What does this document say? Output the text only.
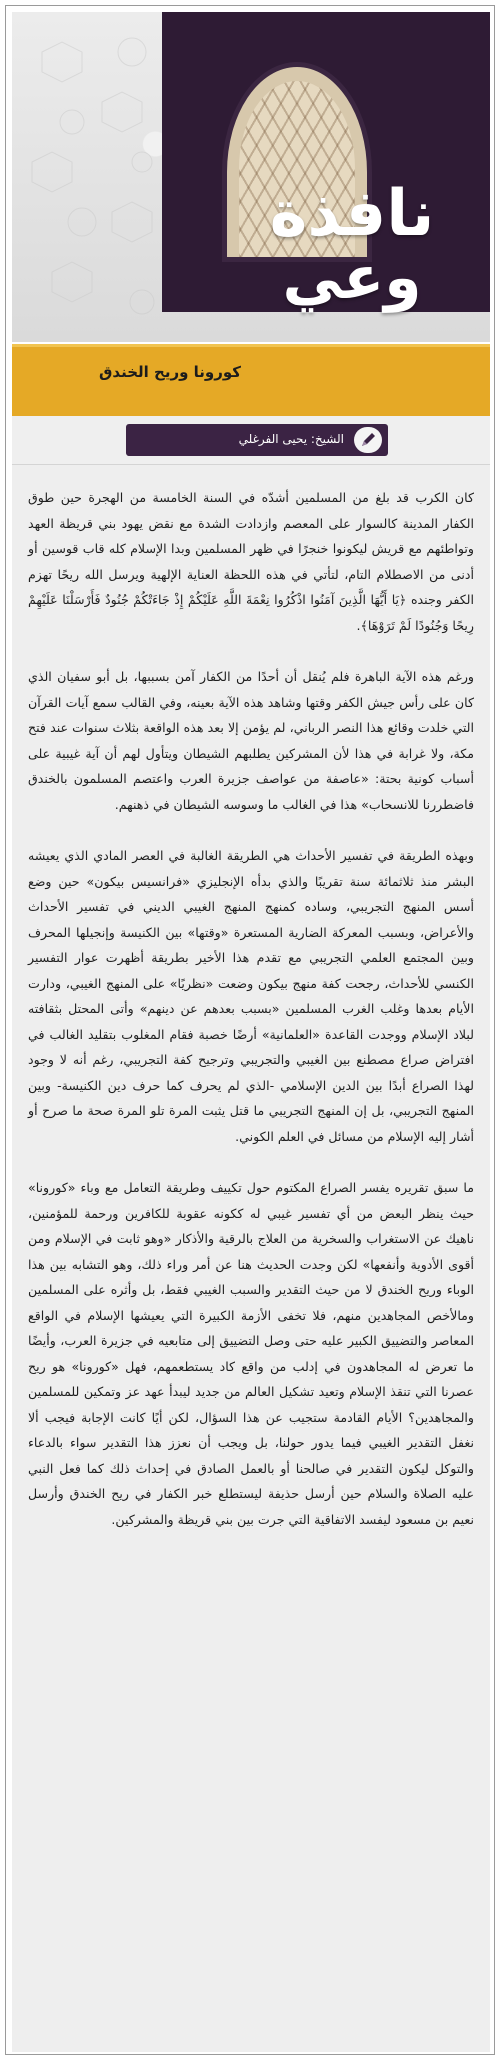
نافذة
وعي
كورونا وريح الخندق
الشيخ: يحيى الفرغلي

كان الكرب قد بلغ من المسلمين أشدّه في السنة الخامسة من الهجرة حين طوق الكفار المدينة كالسوار على المعصم وازدادت الشدة مع نقض يهود بني قريظة العهد وتواطئهم مع قريش ليكونوا خنجرًا في ظهر المسلمين وبدا الإسلام كله قاب قوسين أو أدنى من الاصطلام التام، لتأتي في هذه اللحظة العناية الإلهية ويرسل الله ريحًا تهزم الكفر وجنده ﴿يَا أَيُّهَا الَّذِينَ آمَنُوا اذْكُرُوا نِعْمَةَ اللَّهِ عَلَيْكُمْ إِذْ جَاءَتْكُمْ جُنُودٌ فَأَرْسَلْنَا عَلَيْهِمْ رِيحًا وَجُنُودًا لَمْ تَرَوْهَا﴾.

ورغم هذه الآية الباهرة فلم يُنقل أن أحدًا من الكفار آمن بسببها، بل أبو سفيان الذي كان على رأس جيش الكفر وقتها وشاهد هذه الآية بعينه، وفي القالب سمع آيات القرآن التي خلدت وقائع هذا النصر الرباني، لم يؤمن إلا بعد هذه الواقعة بثلاث سنوات عند فتح مكة، ولا غرابة في هذا لأن المشركين يطلبهم الشيطان ويتأول لهم أن آية غيبية على أسباب كونية بحتة: «عاصفة من عواصف جزيرة العرب واعتصم المسلمون بالخندق فاضطررنا للانسحاب» هذا في الغالب ما وسوسه الشيطان في ذهنهم.

وبهذه الطريقة في تفسير الأحداث هي الطريقة الغالبة في العصر المادي الذي يعيشه البشر منذ ثلاثمائة سنة تقريبًا والذي بدأه الإنجليزي «فرانسيس بيكون» حين وضع أسس المنهج التجريبي، وساده كمنهج المنهج الغيبي الديني في تفسير الأحداث والأعراض، وبسبب المعركة الضارية المستعرة «وقتها» بين الكنيسة وإنجيلها المحرف وبين المجتمع العلمي التجريبي مع تقدم هذا الأخير بطريقة أظهرت عوار التفسير الكنسي للأحداث، رجحت كفة منهج بيكون وضعت «نظريًا» على المنهج الغيبي، ودارت الأيام بعدها وغلب الغرب المسلمين «بسبب بعدهم عن دينهم» وأتى المحتل بثقافته لبلاد الإسلام ووجدت القاعدة «العلمانية» أرضًا خصبة فقام المغلوب بتقليد الغالب في افتراض صراع مصطنع بين الغيبي والتجريبي وترجيح كفة التجريبي، رغم أنه لا وجود لهذا الصراع أبدًا بين الدين الإسلامي -الذي لم يحرف كما حرف دين الكنيسة- وبين المنهج التجريبي، بل إن المنهج التجريبي ما قتل يثبت المرة تلو المرة صحة ما صرح أو أشار إليه الإسلام من مسائل في العلم الكوني.

ما سبق تقريره يفسر الصراع المكتوم حول تكييف وطريقة التعامل مع وباء «كورونا» حيث ينظر البعض من أي تفسير غيبي له ككونه عقوبة للكافرين ورحمة للمؤمنين، ناهيك عن الاستغراب والسخرية من العلاج بالرقية والأذكار «وهو ثابت في الإسلام ومن أقوى الأدوية وأنفعها» لكن وجدت الحديث هنا عن أمر وراء ذلك، وهو التشابه بين هذا الوباء وريح الخندق لا من حيث التقدير والسبب الغيبي فقط، بل وأثره على المسلمين ومالأخص المجاهدين منهم، فلا تخفى الأزمة الكبيرة التي يعيشها الإسلام في الواقع المعاصر والتضييق الكبير عليه حتى وصل التضييق إلى متابعيه في جزيرة العرب، وأيضًا ما تعرض له المجاهدون في إدلب من واقع كاد يستطعمهم، فهل «كورونا» هو ريح عصرنا التي تنقذ الإسلام وتعيد تشكيل العالم من جديد ليبدأ عهد عز وتمكين للمسلمين والمجاهدين؟ الأيام القادمة ستجيب عن هذا السؤال، لكن أيًا كانت الإجابة فيجب ألا نغفل التقدير الغيبي فيما يدور حولنا، بل ويجب أن نعزز هذا التقدير سواء بالدعاء والتوكل ليكون التقدير في صالحنا أو بالعمل الصادق في إحداث ذلك كما فعل النبي عليه الصلاة والسلام حين أرسل حذيفة ليستطلع خبر الكفار في ريح الخندق وأرسل نعيم بن مسعود ليفسد الاتفاقية التي جرت بين بني قريظة والمشركين.
